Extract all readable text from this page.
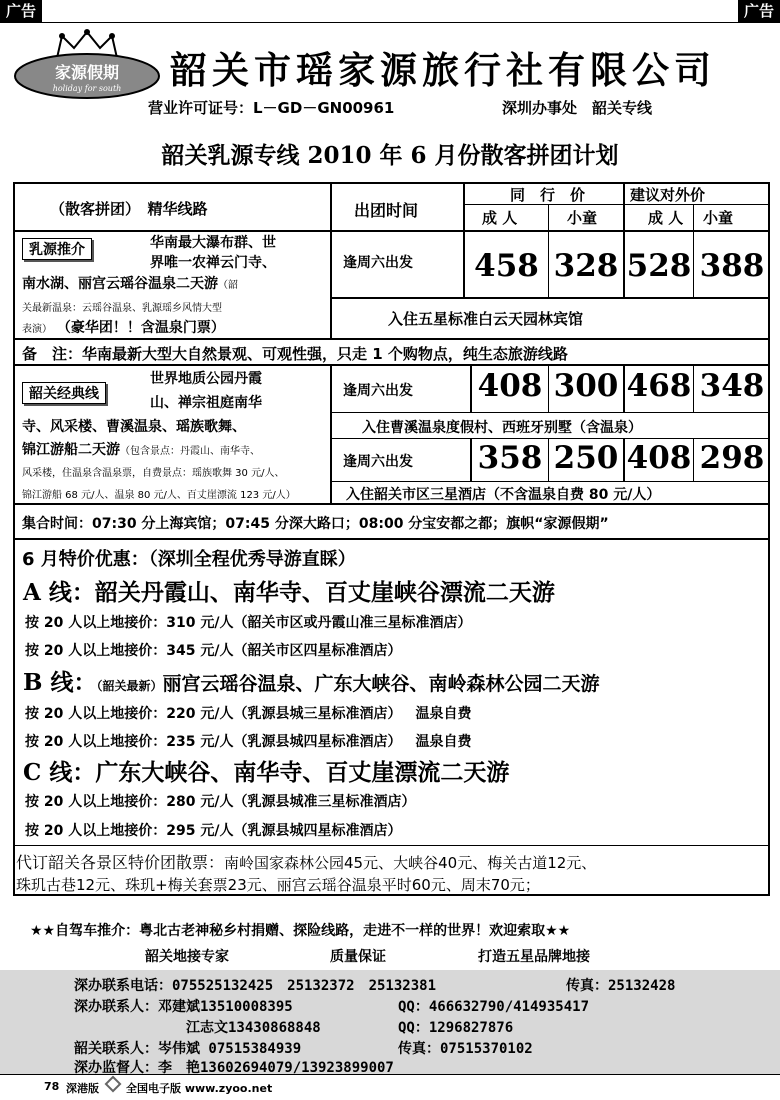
广告	广告
家源假期
holiday for south 韶关市瑶家源旅行社有限公司
营业许可证号：L－GD－GN00961	深圳办事处　韶关专线
韶关乳源专线 2010 年 6 月份散客拼团计划
（散客拼团）　精华线路	出团时间
同　行　价	建议对外价
成 人	小童	成 人 小童
乳源推介	华南最大瀑布群、世
界唯一农禅云门寺、
南水湖、丽宫云瑶谷温泉二天游（韶
关最新温泉：云瑶谷温泉、乳源瑶乡风情大型
表演） （豪华团！！含温泉门票）
逢周六出发 458 328 528 388
入住五星标准白云天园林宾馆
备　注：华南最新大型大自然景观、可观性强，只走 1 个购物点，纯生态旅游线路
韶关经典线
世界地质公园丹霞
山、禅宗祖庭南华
寺、风采楼、曹溪温泉、瑶族歌舞、
锦江游船二天游（包含景点：丹霞山、南华寺、
风采楼，住温泉含温泉票，自费景点：瑶族歌舞 30 元/人、
锦江游船 68 元/人、温泉 80 元/人、百丈崖漂流 123 元/人）
逢周六出发 408 300 468 348
入住曹溪温泉度假村、西班牙别墅（含温泉）
逢周六出发 358 250 408 298
入住韶关市区三星酒店（不含温泉自费 80 元/人）
集合时间：07:30 分上海宾馆；07:45 分深大路口；08:00 分宝安都之都；旗帜“家源假期”
6 月特价优惠：（深圳全程优秀导游直睬）
A 线：韶关丹霞山、南华寺、百丈崖峡谷漂流二天游
按 20 人以上地接价：310 元/人（韶关市区或丹霞山准三星标准酒店）
按 20 人以上地接价：345 元/人（韶关市区四星标准酒店）
B 线：（韶关最新）丽宫云瑶谷温泉、广东大峡谷、南岭森林公园二天游
按 20 人以上地接价：220 元/人（乳源县城三星标准酒店） 温泉自费
按 20 人以上地接价：235 元/人（乳源县城四星标准酒店） 温泉自费
C 线：广东大峡谷、南华寺、百丈崖漂流二天游
按 20 人以上地接价：280 元/人（乳源县城准三星标准酒店）
按 20 人以上地接价：295 元/人（乳源县城四星标准酒店）
代订韶关各景区特价团散票：南岭国家森林公园45元、大峡谷40元、梅关古道12元、
珠玑古巷12元、珠玑+梅关套票23元、丽宫云瑶谷温泉平时60元、周末70元；
★★自驾车推介：粤北古老神秘乡村捐赠、探险线路，走进不一样的世界！欢迎索取★★
韶关地接专家	质量保证	打造五星品牌地接
深办联系电话：075525132425　25132372　25132381	传真：25132428
深办联系人：邓建斌13510008395	QQ：466632790/414935417
江志文13430868848	QQ：1296827876
韶关联系人：岑伟斌 07515384939	传真：07515370102
深办监督人：李　艳13602694079/13923899007
78 深港版 全国电子版 www.zyoo.net
